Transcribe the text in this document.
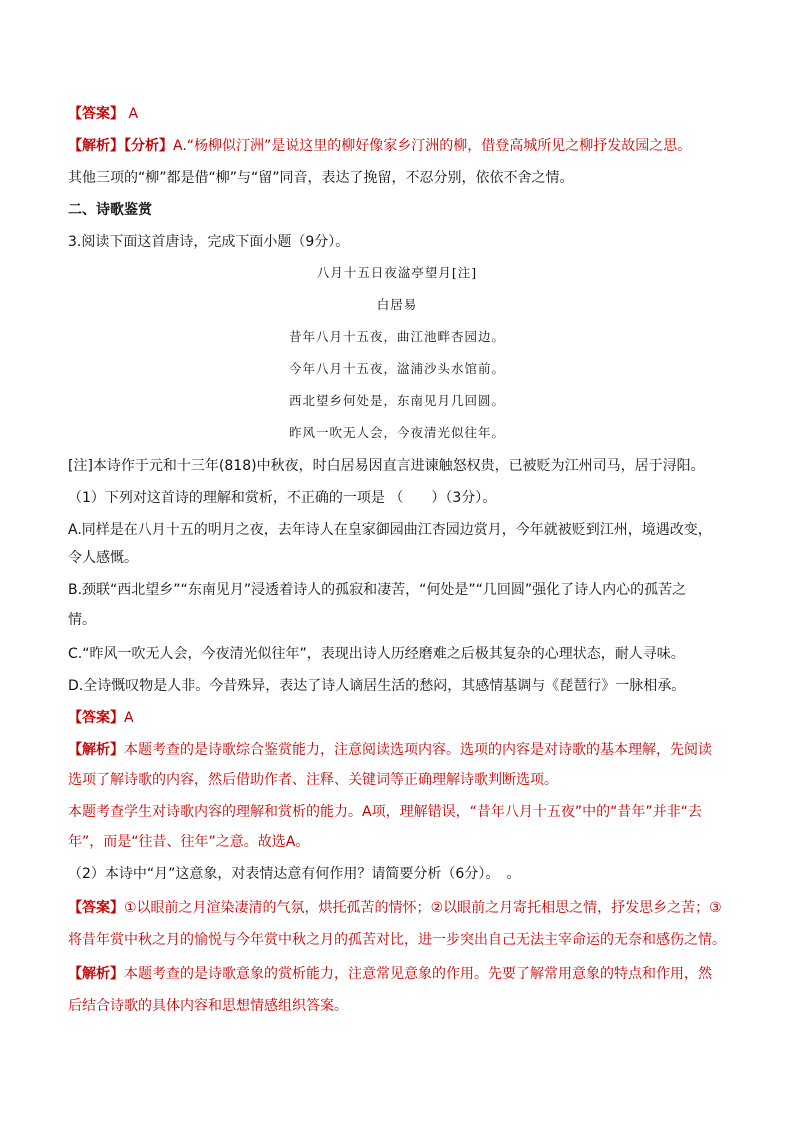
【答案】 A
【解析】【分析】A.“杨柳似汀洲”是说这里的柳好像家乡汀洲的柳，借登高城所见之柳抒发故园之思。
其他三项的“柳”都是借“柳”与“留”同音，表达了挽留，不忍分别，依依不舍之情。
二、诗歌鉴赏
3.阅读下面这首唐诗，完成下面小题（9分）。
八月十五日夜湓亭望月[注]
白居易
昔年八月十五夜，曲江池畔杏园边。
今年八月十五夜，湓浦沙头水馆前。
西北望乡何处是，东南见月几回圆。
昨风一吹无人会，今夜清光似往年。
[注]本诗作于元和十三年(818)中秋夜，时白居易因直言进谏触怒权贵，已被贬为江州司马，居于浔阳。
（1）下列对这首诗的理解和赏析，不正确的一项是 （　　）（3分）。
A.同样是在八月十五的明月之夜，去年诗人在皇家御园曲江杏园边赏月，今年就被贬到江州，境遇改变，
令人感慨。
B.颈联“西北望乡”“东南见月”浸透着诗人的孤寂和凄苦，“何处是”“几回圆”强化了诗人内心的孤苦之
情。
C.“昨风一吹无人会，今夜清光似往年”，表现出诗人历经磨难之后极其复杂的心理状态，耐人寻味。
D.全诗慨叹物是人非。今昔殊异，表达了诗人谪居生活的愁闷，其感情基调与《琵琶行》一脉相承。
【答案】A
【解析】本题考查的是诗歌综合鉴赏能力，注意阅读选项内容。选项的内容是对诗歌的基本理解，先阅读
选项了解诗歌的内容，然后借助作者、注释、关键词等正确理解诗歌判断选项。
本题考查学生对诗歌内容的理解和赏析的能力。A项，理解错误，“昔年八月十五夜”中的“昔年”并非“去
年”，而是“往昔、往年”之意。故选A。
（2）本诗中“月”这意象，对表情达意有何作用？请简要分析（6分）。　。
【答案】①以眼前之月渲染凄清的气氛，烘托孤苦的情怀；②以眼前之月寄托相思之情，抒发思乡之苦；③
将昔年赏中秋之月的愉悦与今年赏中秋之月的孤苦对比，进一步突出自己无法主宰命运的无奈和感伤之情。
【解析】本题考查的是诗歌意象的赏析能力，注意常见意象的作用。先要了解常用意象的特点和作用，然
后结合诗歌的具体内容和思想情感组织答案。
